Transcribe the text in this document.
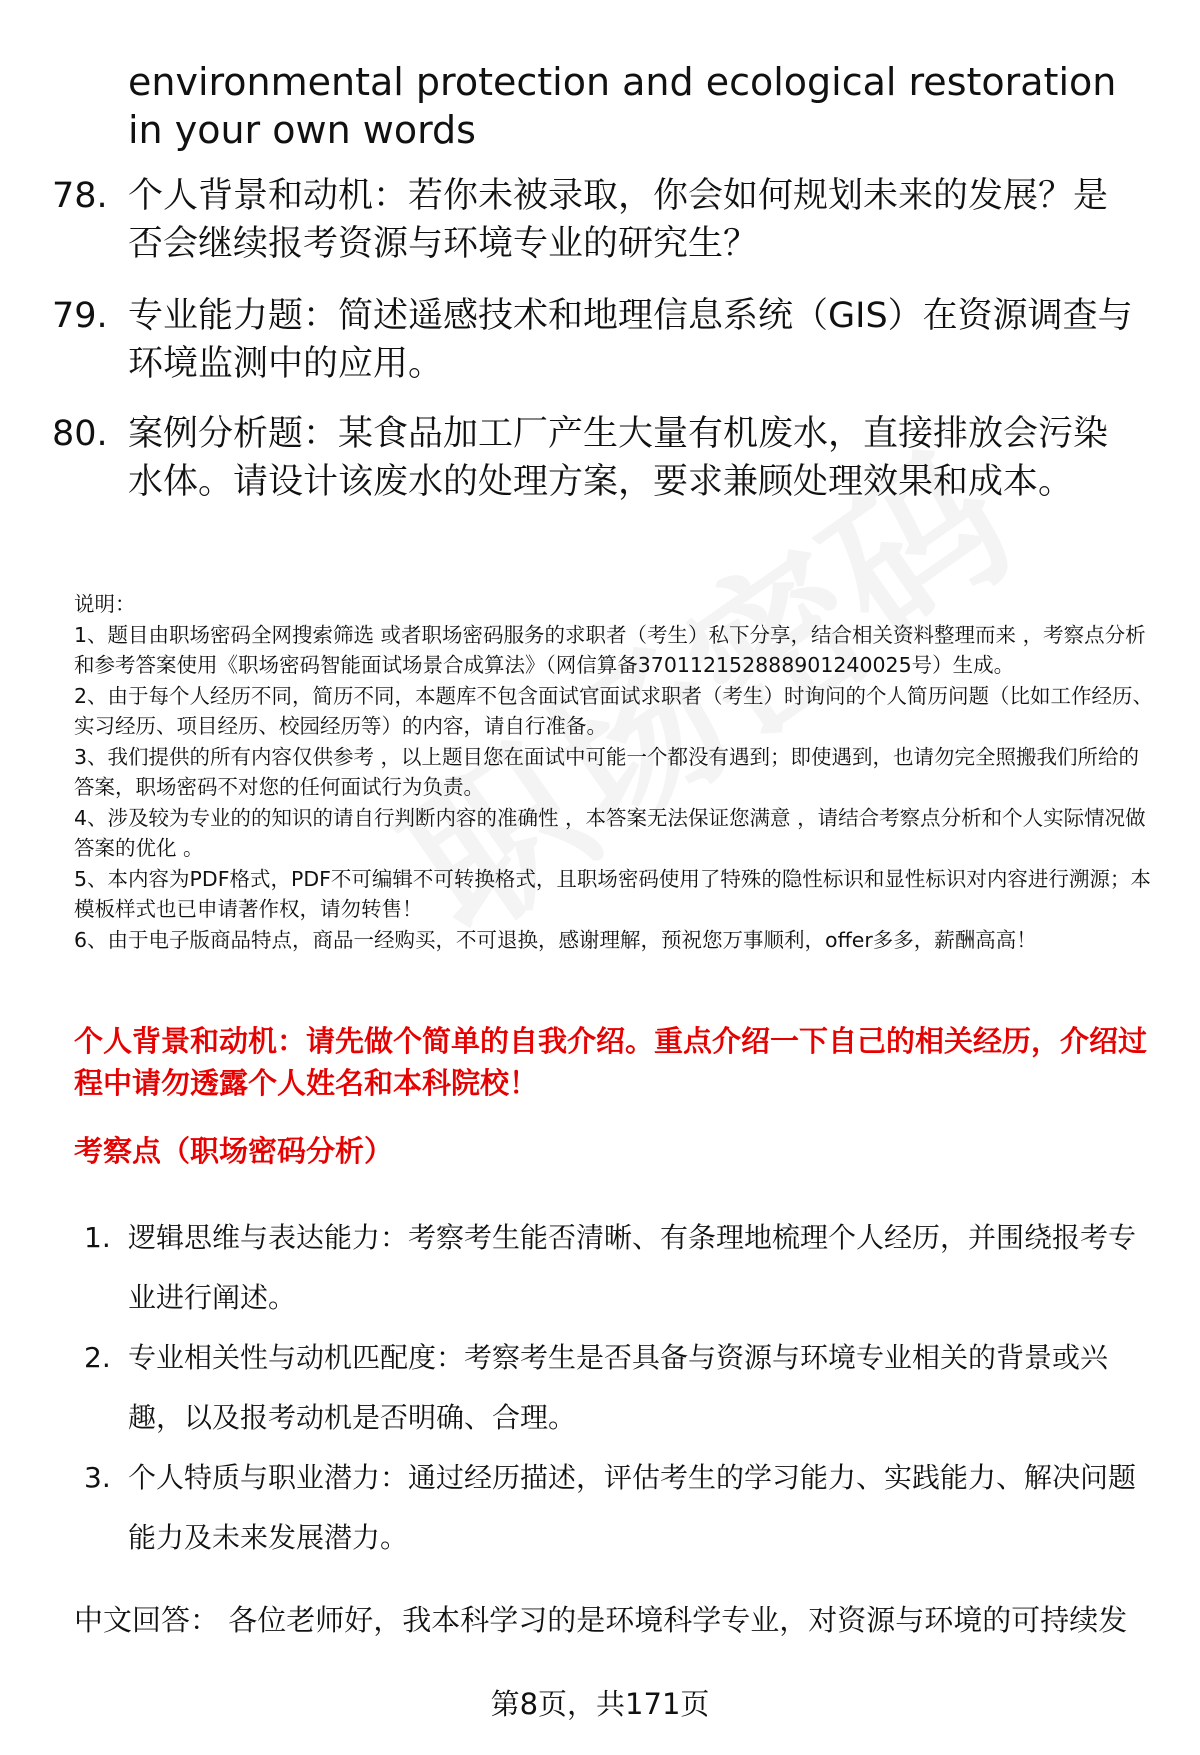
environmental protection and ecological restoration in your own words
78. 个人背景和动机：若你未被录取，你会如何规划未来的发展？是否会继续报考资源与环境专业的研究生？
79. 专业能力题：简述遥感技术和地理信息系统（GIS）在资源调查与环境监测中的应用。
80. 案例分析题：某食品加工厂产生大量有机废水，直接排放会污染水体。请设计该废水的处理方案，要求兼顾处理效果和成本。
说明：
1、题目由职场密码全网搜索筛选 或者职场密码服务的求职者（考生）私下分享，结合相关资料整理而来 ，考察点分析和参考答案使用《职场密码智能面试场景合成算法》（网信算备370112152888901240025号）生成。
2、由于每个人经历不同，简历不同，本题库不包含面试官面试求职者（考生）时询问的个人简历问题（比如工作经历、实习经历、项目经历、校园经历等）的内容，请自行准备。
3、我们提供的所有内容仅供参考 ，以上题目您在面试中可能一个都没有遇到；即使遇到，也请勿完全照搬我们所给的答案，职场密码不对您的任何面试行为负责。
4、涉及较为专业的的知识的请自行判断内容的准确性 ，本答案无法保证您满意 ，请结合考察点分析和个人实际情况做答案的优化 。
5、本内容为PDF格式，PDF不可编辑不可转换格式，且职场密码使用了特殊的隐性标识和显性标识对内容进行溯源；本模板样式也已申请著作权，请勿转售！
6、由于电子版商品特点，商品一经购买，不可退换，感谢理解，预祝您万事顺利，offer多多，薪酬高高！
个人背景和动机：请先做个简单的自我介绍。重点介绍一下自己的相关经历，介绍过程中请勿透露个人姓名和本科院校！
考察点（职场密码分析）
1. 逻辑思维与表达能力：考察考生能否清晰、有条理地梳理个人经历，并围绕报考专业进行阐述。
2. 专业相关性与动机匹配度：考察考生是否具备与资源与环境专业相关的背景或兴趣，以及报考动机是否明确、合理。
3. 个人特质与职业潜力：通过经历描述，评估考生的学习能力、实践能力、解决问题能力及未来发展潜力。
中文回答： 各位老师好，我本科学习的是环境科学专业，对资源与环境的可持续发
第8页，共171页
